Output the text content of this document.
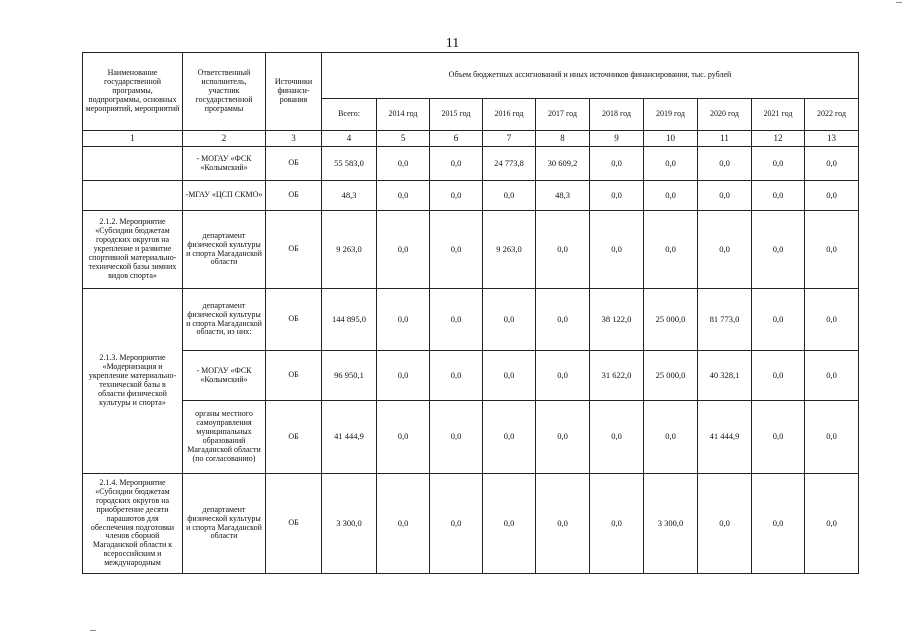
11
Наименование государственной программы, подпрограммы, основных мероприятий, мероприятий	Ответственный исполнитель, участник государственной программы	Источники финанси-рования	Объем бюджетных ассигнований и иных источников финансирования, тыс. рублей									
			Всего:	2014 год	2015 год	2016 год	2017 год	2018 год	2019 год	2020 год	2021 год	2022 год
1	2	3	4	5	6	7	8	9	10	11	12	13
	- МОГАУ «ФСК «Колымский»	ОБ	55 583,0	0,0	0,0	24 773,8	30 609,2	0,0	0,0	0,0	0,0	0,0
	-МГАУ «ЦСП СКМО»	ОБ	48,3	0,0	0,0	0,0	48,3	0,0	0,0	0,0	0,0	0,0
2.1.2. Мероприятие «Субсидии бюджетам городских округов на укрепление и развитие спортивной материально-технической базы зимних видов спорта»	департамент физической культуры и спорта Магаданской области	ОБ	9 263,0	0,0	0,0	9 263,0	0,0	0,0	0,0	0,0	0,0	0,0
2.1.3. Мероприятие «Модернизация и укрепление материально-технической базы в области физической культуры и спорта»	департамент физической культуры и спорта Магаданской области, из них:	ОБ	144 895,0	0,0	0,0	0,0	0,0	38 122,0	25 000,0	81 773,0	0,0	0,0
	- МОГАУ «ФСК «Колымский»	ОБ	96 950,1	0,0	0,0	0,0	0,0	31 622,0	25 000,0	40 328,1	0,0	0,0
	органы местного самоуправления муниципальных образований Магаданской области (по согласованию)	ОБ	41 444,9	0,0	0,0	0,0	0,0	0,0	0,0	41 444,9	0,0	0,0
2.1.4. Мероприятие «Субсидии бюджетам городских округов на приобретение десяти парашютов для обеспечения подготовки членов сборной Магаданской области к всероссийским и международным	департамент физической культуры и спорта Магаданской области	ОБ	3 300,0	0,0	0,0	0,0	0,0	0,0	3 300,0	0,0	0,0	0,0
